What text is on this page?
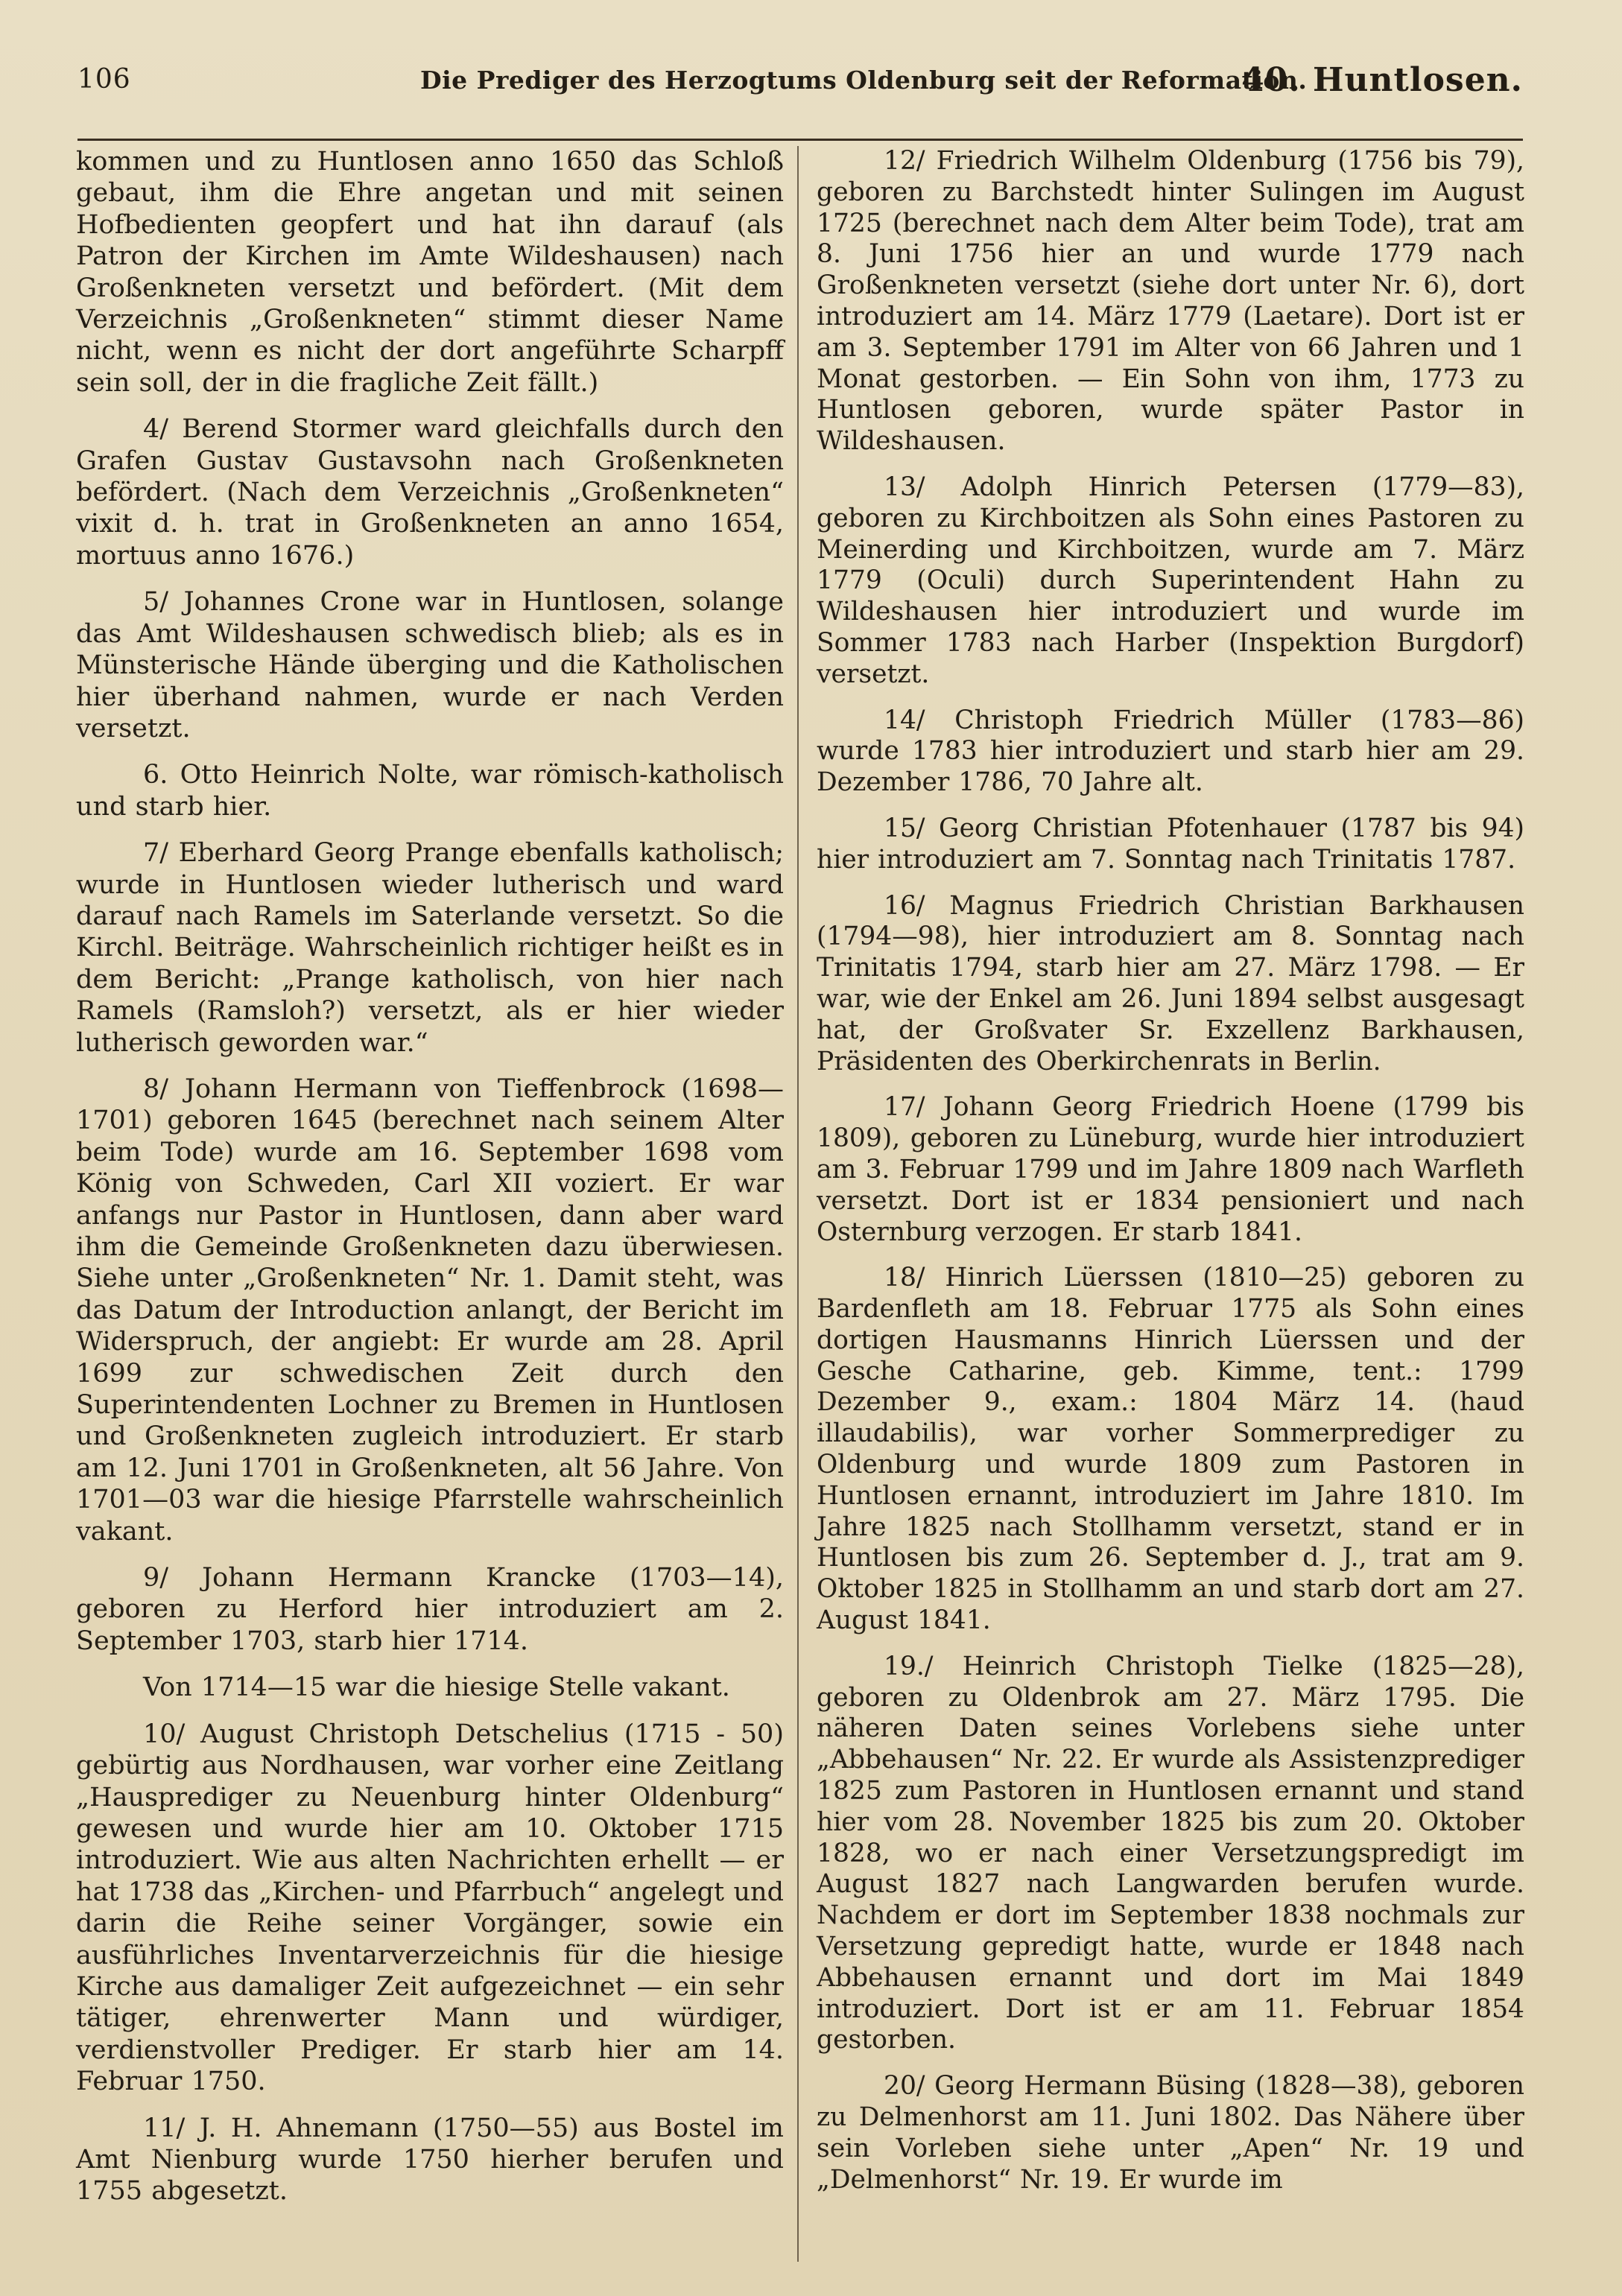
106	Die Prediger des Herzogtums Oldenburg seit der Reformation.
40. Huntlosen.

kommen und zu Huntlosen anno 1650 das Schloß gebaut, ihm die Ehre angetan und mit seinen Hofbedienten geopfert und hat ihn darauf (als Patron der Kirchen im Amte Wildeshausen) nach Großenkneten versetzt und befördert. (Mit dem Verzeichnis „Großenkneten“ stimmt dieser Name nicht, wenn es nicht der dort angeführte Scharpff sein soll, der in die fragliche Zeit fällt.)

4/ Berend Stormer ward gleichfalls durch den Grafen Gustav Gustavsohn nach Großenkneten befördert. (Nach dem Verzeichnis „Großenkneten“ vixit d. h. trat in Großenkneten an anno 1654, mortuus anno 1676.)

5/ Johannes Crone war in Huntlosen, solange das Amt Wildeshausen schwedisch blieb; als es in Münsterische Hände überging und die Katholischen hier überhand nahmen, wurde er nach Verden versetzt.

6. Otto Heinrich Nolte, war römisch-katholisch und starb hier.

7/ Eberhard Georg Prange ebenfalls katholisch; wurde in Huntlosen wieder lutherisch und ward darauf nach Ramels im Saterlande versetzt. So die Kirchl. Beiträge. Wahrscheinlich richtiger heißt es in dem Bericht: „Prange katholisch, von hier nach Ramels (Ramsloh?) versetzt, als er hier wieder lutherisch geworden war.“

8/ Johann Hermann von Tieffenbrock (1698—1701) geboren 1645 (berechnet nach seinem Alter beim Tode) wurde am 16. September 1698 vom König von Schweden, Carl XII voziert. Er war anfangs nur Pastor in Huntlosen, dann aber ward ihm die Gemeinde Großenkneten dazu überwiesen. Siehe unter „Großenkneten“ Nr. 1. Damit steht, was das Datum der Introduction anlangt, der Bericht im Widerspruch, der angiebt: Er wurde am 28. April 1699 zur schwedischen Zeit durch den Superintendenten Lochner zu Bremen in Huntlosen und Großenkneten zugleich introduziert. Er starb am 12. Juni 1701 in Großenkneten, alt 56 Jahre. Von 1701—03 war die hiesige Pfarrstelle wahrscheinlich vakant.

9/ Johann Hermann Krancke (1703—14), geboren zu Herford hier introduziert am 2. September 1703, starb hier 1714.

Von 1714—15 war die hiesige Stelle vakant.

10/ August Christoph Detschelius (1715 - 50) gebürtig aus Nordhausen, war vorher eine Zeitlang „Hausprediger zu Neuenburg hinter Oldenburg“ gewesen und wurde hier am 10. Oktober 1715 introduziert. Wie aus alten Nachrichten erhellt — er hat 1738 das „Kirchen- und Pfarrbuch“ angelegt und darin die Reihe seiner Vorgänger, sowie ein ausführliches Inventarverzeichnis für die hiesige Kirche aus damaliger Zeit aufgezeichnet — ein sehr tätiger, ehrenwerter Mann und würdiger, verdienstvoller Prediger. Er starb hier am 14. Februar 1750.

11/ J. H. Ahnemann (1750—55) aus Bostel im Amt Nienburg wurde 1750 hierher berufen und 1755 abgesetzt.

12/ Friedrich Wilhelm Oldenburg (1756 bis 79), geboren zu Barchstedt hinter Sulingen im August 1725 (berechnet nach dem Alter beim Tode), trat am 8. Juni 1756 hier an und wurde 1779 nach Großenkneten versetzt (siehe dort unter Nr. 6), dort introduziert am 14. März 1779 (Laetare). Dort ist er am 3. September 1791 im Alter von 66 Jahren und 1 Monat gestorben. — Ein Sohn von ihm, 1773 zu Huntlosen geboren, wurde später Pastor in Wildeshausen.

13/ Adolph Hinrich Petersen (1779—83), geboren zu Kirchboitzen als Sohn eines Pastoren zu Meinerding und Kirchboitzen, wurde am 7. März 1779 (Oculi) durch Superintendent Hahn zu Wildeshausen hier introduziert und wurde im Sommer 1783 nach Harber (Inspektion Burgdorf) versetzt.

14/ Christoph Friedrich Müller (1783—86) wurde 1783 hier introduziert und starb hier am 29. Dezember 1786, 70 Jahre alt.

15/ Georg Christian Pfotenhauer (1787 bis 94) hier introduziert am 7. Sonntag nach Trinitatis 1787.

16/ Magnus Friedrich Christian Barkhausen (1794—98), hier introduziert am 8. Sonntag nach Trinitatis 1794, starb hier am 27. März 1798. — Er war, wie der Enkel am 26. Juni 1894 selbst ausgesagt hat, der Großvater Sr. Exzellenz Barkhausen, Präsidenten des Oberkirchenrats in Berlin.

17/ Johann Georg Friedrich Hoene (1799 bis 1809), geboren zu Lüneburg, wurde hier introduziert am 3. Februar 1799 und im Jahre 1809 nach Warfleth versetzt. Dort ist er 1834 pensioniert und nach Osternburg verzogen. Er starb 1841.

18/ Hinrich Lüerssen (1810—25) geboren zu Bardenfleth am 18. Februar 1775 als Sohn eines dortigen Hausmanns Hinrich Lüerssen und der Gesche Catharine, geb. Kimme, tent.: 1799 Dezember 9., exam.: 1804 März 14. (haud illaudabilis), war vorher Sommerprediger zu Oldenburg und wurde 1809 zum Pastoren in Huntlosen ernannt, introduziert im Jahre 1810. Im Jahre 1825 nach Stollhamm versetzt, stand er in Huntlosen bis zum 26. September d. J., trat am 9. Oktober 1825 in Stollhamm an und starb dort am 27. August 1841.

19./ Heinrich Christoph Tielke (1825—28), geboren zu Oldenbrok am 27. März 1795. Die näheren Daten seines Vorlebens siehe unter „Abbehausen“ Nr. 22. Er wurde als Assistenzprediger 1825 zum Pastoren in Huntlosen ernannt und stand hier vom 28. November 1825 bis zum 20. Oktober 1828, wo er nach einer Versetzungspredigt im August 1827 nach Langwarden berufen wurde. Nachdem er dort im September 1838 nochmals zur Versetzung gepredigt hatte, wurde er 1848 nach Abbehausen ernannt und dort im Mai 1849 introduziert. Dort ist er am 11. Februar 1854 gestorben.

20/ Georg Hermann Büsing (1828—38), geboren zu Delmenhorst am 11. Juni 1802. Das Nähere über sein Vorleben siehe unter „Apen“ Nr. 19 und „Delmenhorst“ Nr. 19. Er wurde im
